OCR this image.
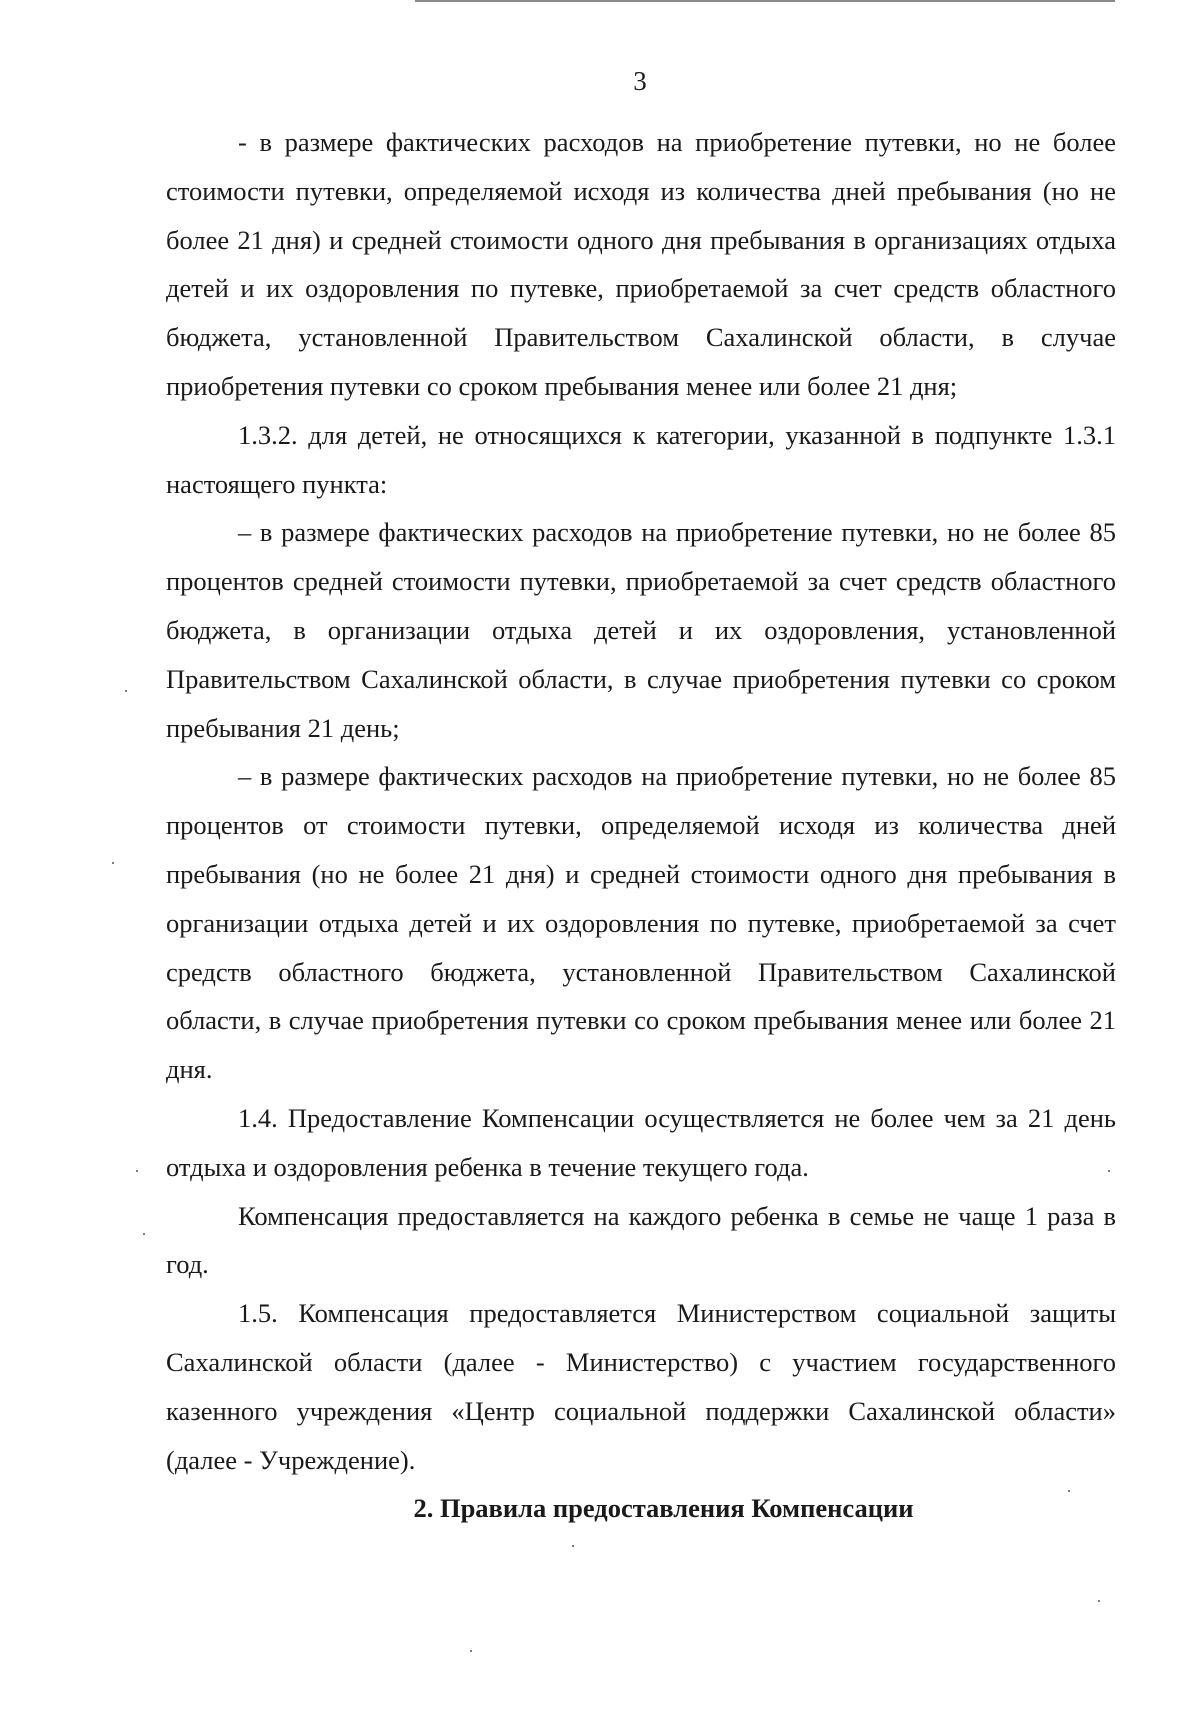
3

- в размере фактических расходов на приобретение путевки, но не более стоимости путевки, определяемой исходя из количества дней пребывания (но не более 21 дня) и средней стоимости одного дня пребывания в организациях отдыха детей и их оздоровления по путевке, приобретаемой за счет средств областного бюджета, установленной Правительством Сахалинской области, в случае приобретения путевки со сроком пребывания менее или более 21 дня;

1.3.2. для детей, не относящихся к категории, указанной в подпункте 1.3.1 настоящего пункта:

– в размере фактических расходов на приобретение путевки, но не более 85 процентов средней стоимости путевки, приобретаемой за счет средств областного бюджета, в организации отдыха детей и их оздоровления, установленной Правительством Сахалинской области, в случае приобретения путевки со сроком пребывания 21 день;

– в размере фактических расходов на приобретение путевки, но не более 85 процентов от стоимости путевки, определяемой исходя из количества дней пребывания (но не более 21 дня) и средней стоимости одного дня пребывания в организации отдыха детей и их оздоровления по путевке, приобретаемой за счет средств областного бюджета, установленной Правительством Сахалинской области, в случае приобретения путевки со сроком пребывания менее или более 21 дня.

1.4. Предоставление Компенсации осуществляется не более чем за 21 день отдыха и оздоровления ребенка в течение текущего года.

Компенсация предоставляется на каждого ребенка в семье не чаще 1 раза в год.

1.5. Компенсация предоставляется Министерством социальной защиты Сахалинской области (далее - Министерство) с участием государственного казенного учреждения «Центр социальной поддержки Сахалинской области» (далее - Учреждение).

2. Правила предоставления Компенсации
